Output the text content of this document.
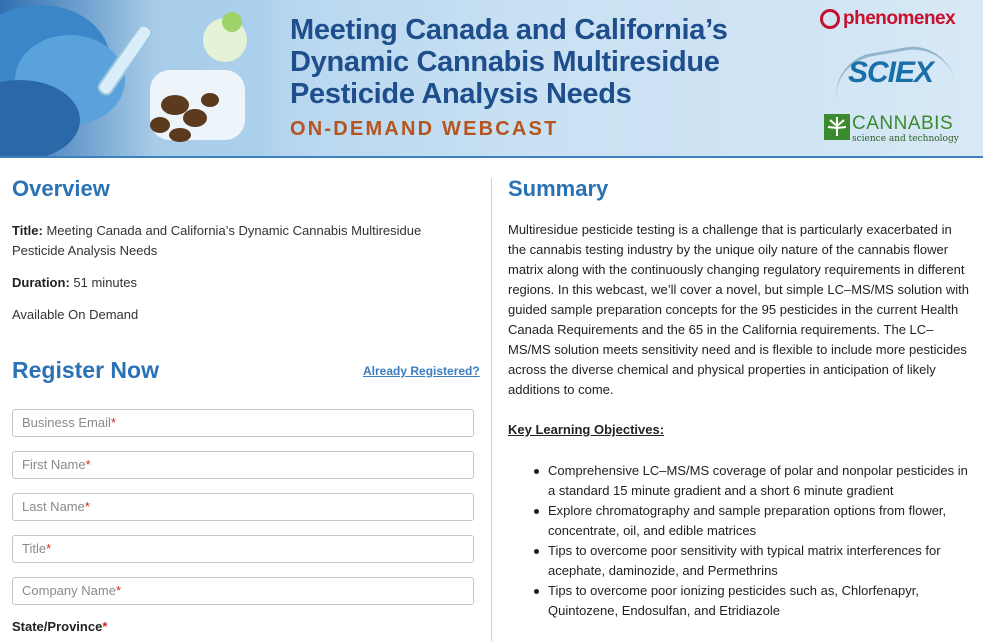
Meeting Canada and California’s
Dynamic Cannabis Multiresidue
Pesticide Analysis Needs
ON-DEMAND WEBCAST
phenomenex
SCIEX
CANNABIS
science and technology
Overview
Title: Meeting Canada and California’s Dynamic Cannabis Multiresidue Pesticide Analysis Needs
Duration: 51 minutes
Available On Demand
Register Now	Already Registered?
Business Email*
First Name*
Last Name*
Title*
Company Name*
State/Province*
Summary
Multiresidue pesticide testing is a challenge that is particularly exacerbated in the cannabis testing industry by the unique oily nature of the cannabis flower matrix along with the continuously changing regulatory requirements in different regions. In this webcast, we’ll cover a novel, but simple LC–MS/MS solution with guided sample preparation concepts for the 95 pesticides in the current Health Canada Requirements and the 65 in the California requirements. The LC–MS/MS solution meets sensitivity need and is flexible to include more pesticides across the diverse chemical and physical properties in anticipation of likely additions to come.
Key Learning Objectives:
Comprehensive LC–MS/MS coverage of polar and nonpolar pesticides in a standard 15 minute gradient and a short 6 minute gradient
Explore chromatography and sample preparation options from flower, concentrate, oil, and edible matrices
Tips to overcome poor sensitivity with typical matrix interferences for acephate, daminozide, and Permethrins
Tips to overcome poor ionizing pesticides such as, Chlorfenapyr, Quintozene, Endosulfan, and Etridiazole
